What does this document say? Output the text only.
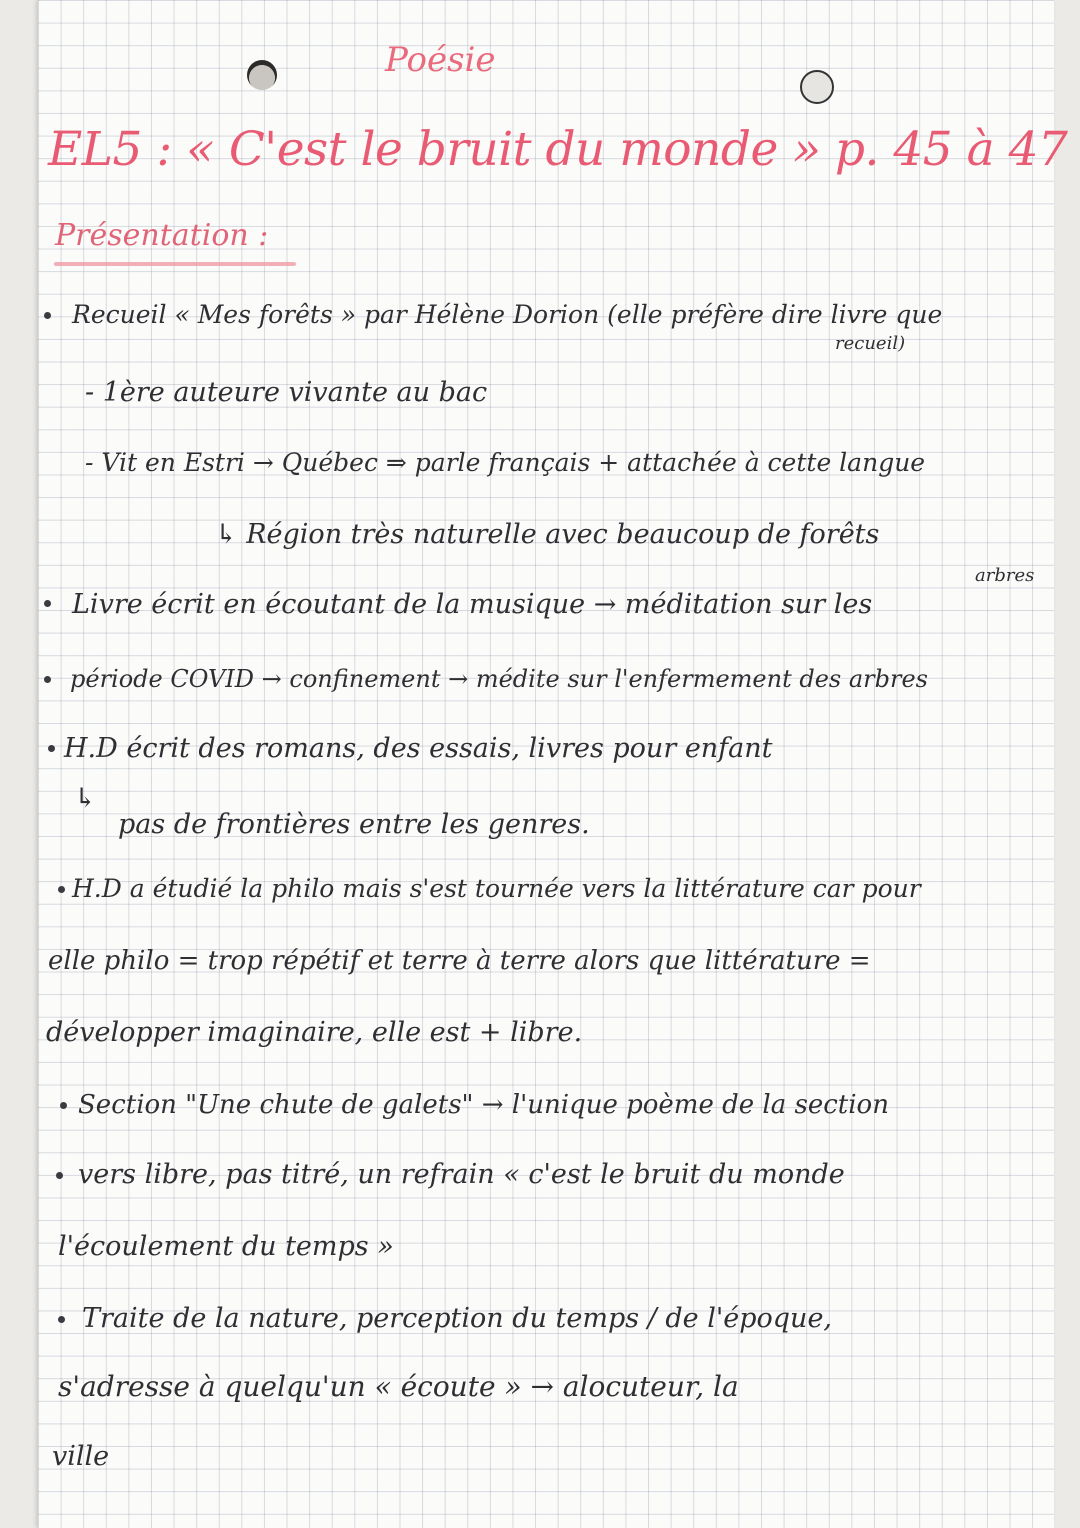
Poésie
EL5 : « C'est le bruit du monde » p. 45 à 47
Présentation :
Recueil « Mes forêts » par Hélène Dorion (elle préfère dire livre que
recueil)
- 1ère auteure vivante au bac
- Vit en Estri → Québec ⇒ parle français + attachée à cette langue
↳ Région très naturelle avec beaucoup de forêts
Livre écrit en écoutant de la musique → méditation sur les
arbres
période COVID → confinement → médite sur l'enfermement des arbres
H.D écrit des romans, des essais, livres pour enfant
↳
pas de frontières entre les genres.
H.D a étudié la philo mais s'est tournée vers la littérature car pour
elle philo = trop répétif et terre à terre alors que littérature =
développer imaginaire, elle est + libre.
Section "Une chute de galets" → l'unique poème de la section
vers libre, pas titré, un refrain « c'est le bruit du monde
l'écoulement du temps »
Traite de la nature, perception du temps / de l'époque,
s'adresse à quelqu'un « écoute » → alocuteur, la
ville
